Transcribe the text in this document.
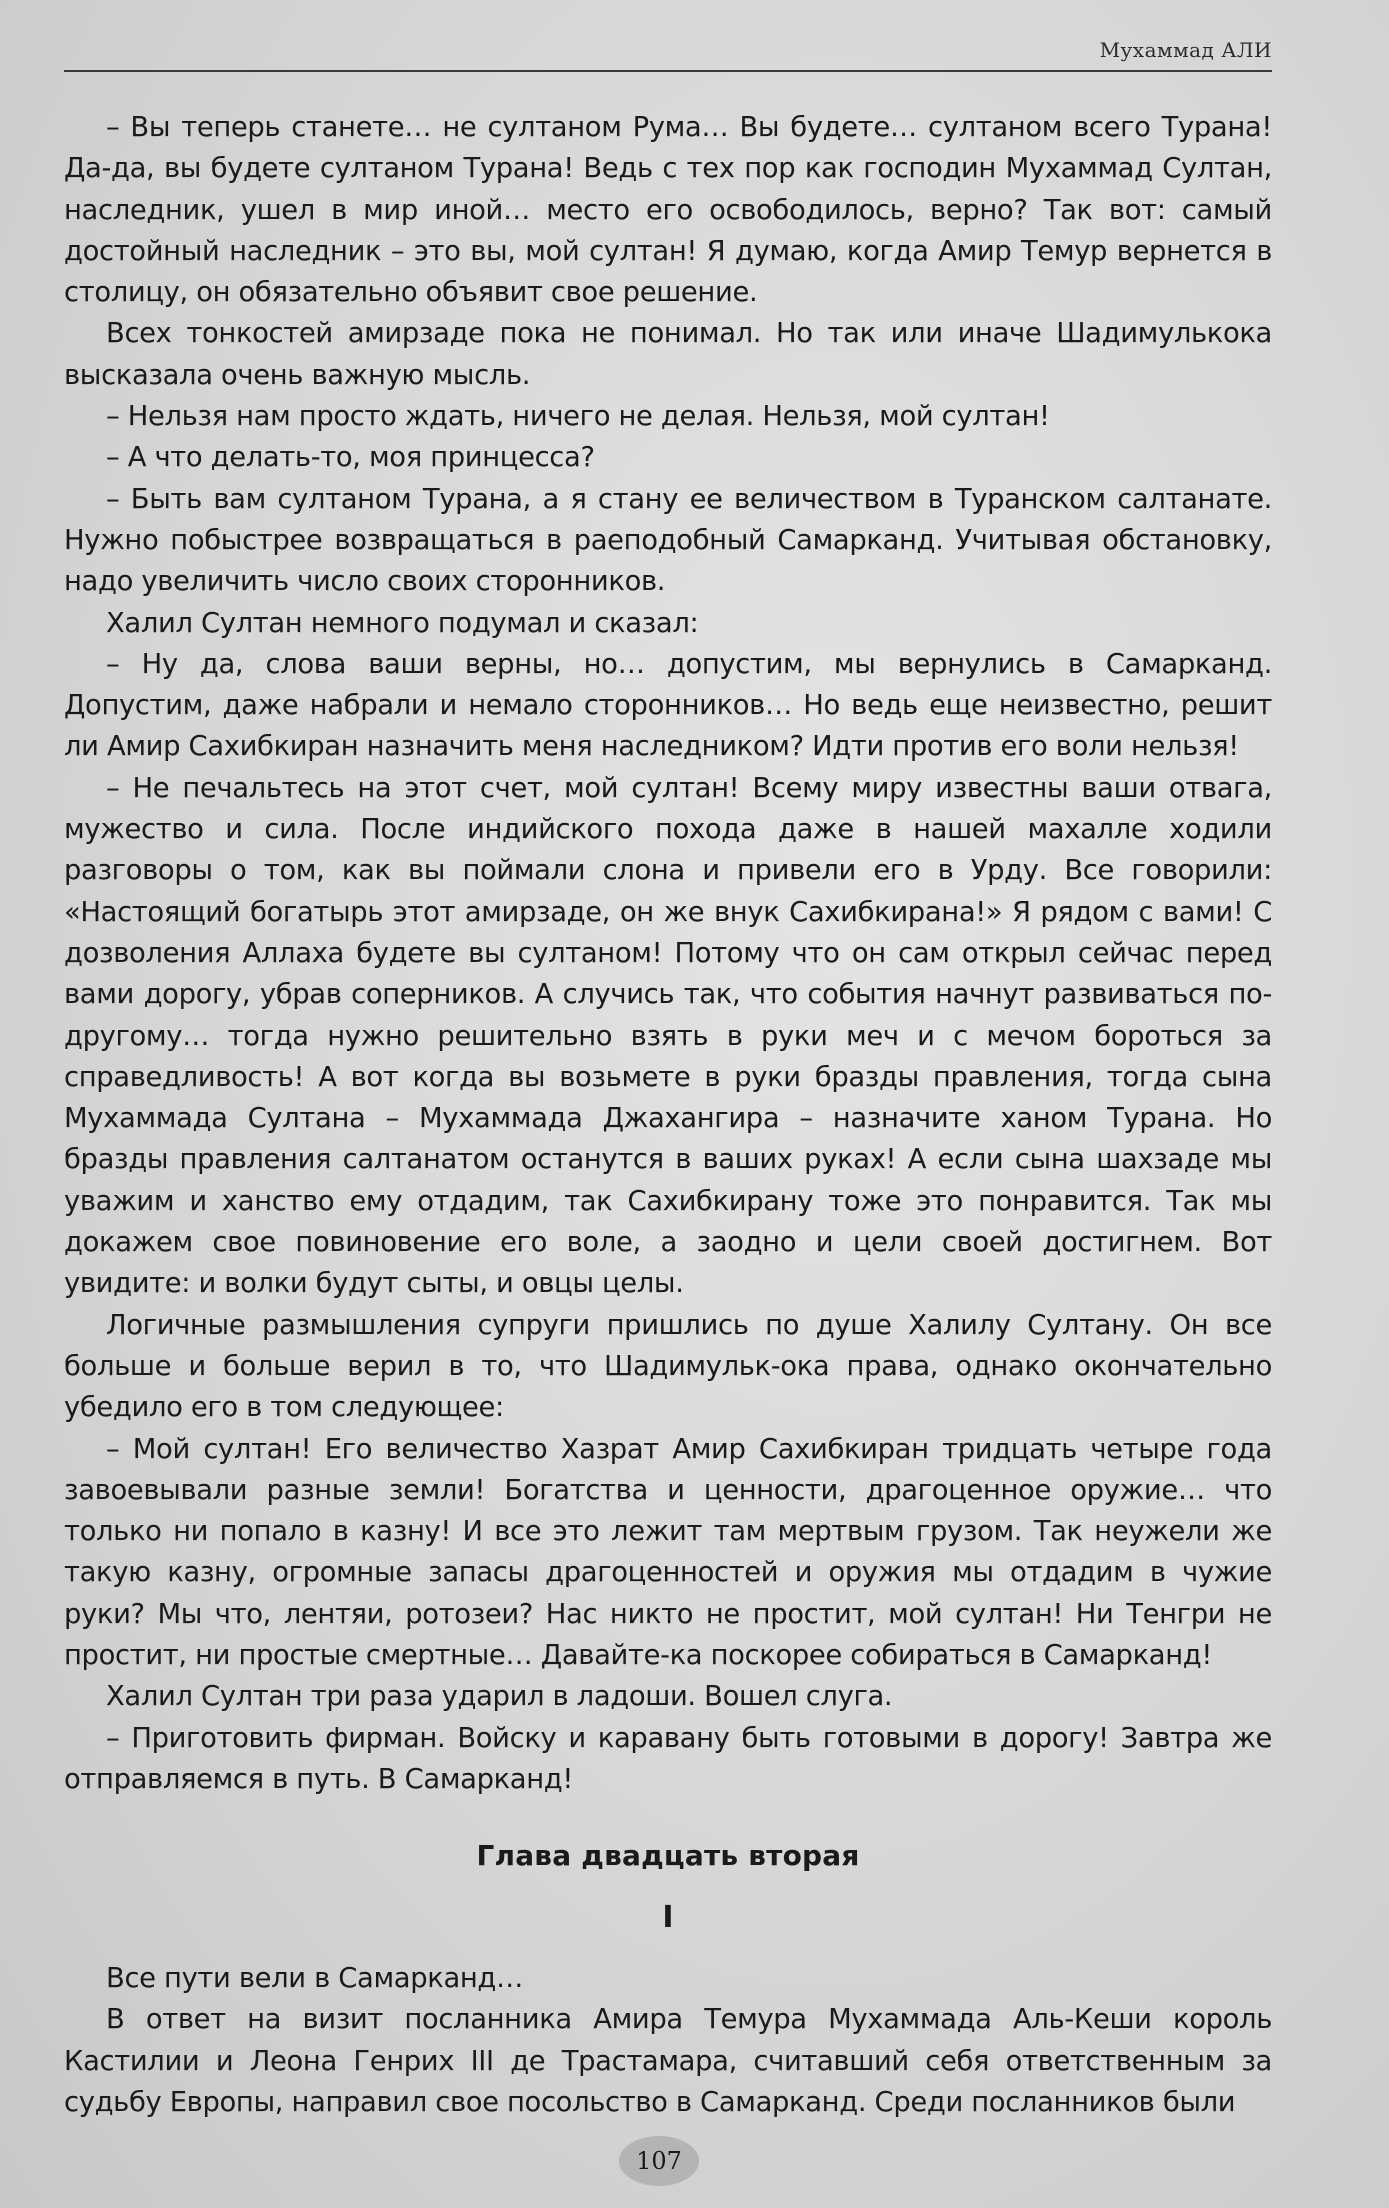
Мухаммад АЛИ

– Вы теперь станете… не султаном Рума… Вы будете… султаном всего Турана! Да-да, вы будете султаном Турана! Ведь с тех пор как господин Мухаммад Султан, наследник, ушел в мир иной… место его освободилось, верно? Так вот: самый достойный наследник – это вы, мой султан! Я думаю, когда Амир Темур вернется в столицу, он обязательно объявит свое решение.

Всех тонкостей амирзаде пока не понимал. Но так или иначе Шадимулькока высказала очень важную мысль.

– Нельзя нам просто ждать, ничего не делая. Нельзя, мой султан!

– А что делать-то, моя принцесса?

– Быть вам султаном Турана, а я стану ее величеством в Туранском салтанате. Нужно побыстрее возвращаться в раеподобный Самарканд. Учитывая обстановку, надо увеличить число своих сторонников.

Халил Султан немного подумал и сказал:

– Ну да, слова ваши верны, но… допустим, мы вернулись в Самарканд. Допустим, даже набрали и немало сторонников… Но ведь еще неизвестно, решит ли Амир Сахибкиран назначить меня наследником? Идти против его воли нельзя!

– Не печальтесь на этот счет, мой султан! Всему миру известны ваши отвага, мужество и сила. После индийского похода даже в нашей махалле ходили разговоры о том, как вы поймали слона и привели его в Урду. Все говорили: «Настоящий богатырь этот амирзаде, он же внук Сахибкирана!» Я рядом с вами! С дозволения Аллаха будете вы султаном! Потому что он сам открыл сейчас перед вами дорогу, убрав соперников. А случись так, что события начнут развиваться по-другому… тогда нужно решительно взять в руки меч и с мечом бороться за справедливость! А вот когда вы возьмете в руки бразды правления, тогда сына Мухаммада Султана – Мухаммада Джахангира – назначите ханом Турана. Но бразды правления салтанатом останутся в ваших руках! А если сына шахзаде мы уважим и ханство ему отдадим, так Сахибкирану тоже это понравится. Так мы докажем свое повиновение его воле, а заодно и цели своей достигнем. Вот увидите: и волки будут сыты, и овцы целы.

Логичные размышления супруги пришлись по душе Халилу Султану. Он все больше и больше верил в то, что Шадимульк-ока права, однако окончательно убедило его в том следующее:

– Мой султан! Его величество Хазрат Амир Сахибкиран тридцать четыре года завоевывали разные земли! Богатства и ценности, драгоценное оружие… что только ни попало в казну! И все это лежит там мертвым грузом. Так неужели же такую казну, огромные запасы драгоценностей и оружия мы отдадим в чужие руки? Мы что, лентяи, ротозеи? Нас никто не простит, мой султан! Ни Тенгри не простит, ни простые смертные… Давайте-ка поскорее собираться в Самарканд!

Халил Султан три раза ударил в ладоши. Вошел слуга.

– Приготовить фирман. Войску и каравану быть готовыми в дорогу! Завтра же отправляемся в путь. В Самарканд!

Глава двадцать вторая
I

Все пути вели в Самарканд…

В ответ на визит посланника Амира Темура Мухаммада Аль-Кеши король Кастилии и Леона Генрих III де Трастамара, считавший себя ответственным за судьбу Европы, направил свое посольство в Самарканд. Среди посланников были

107
